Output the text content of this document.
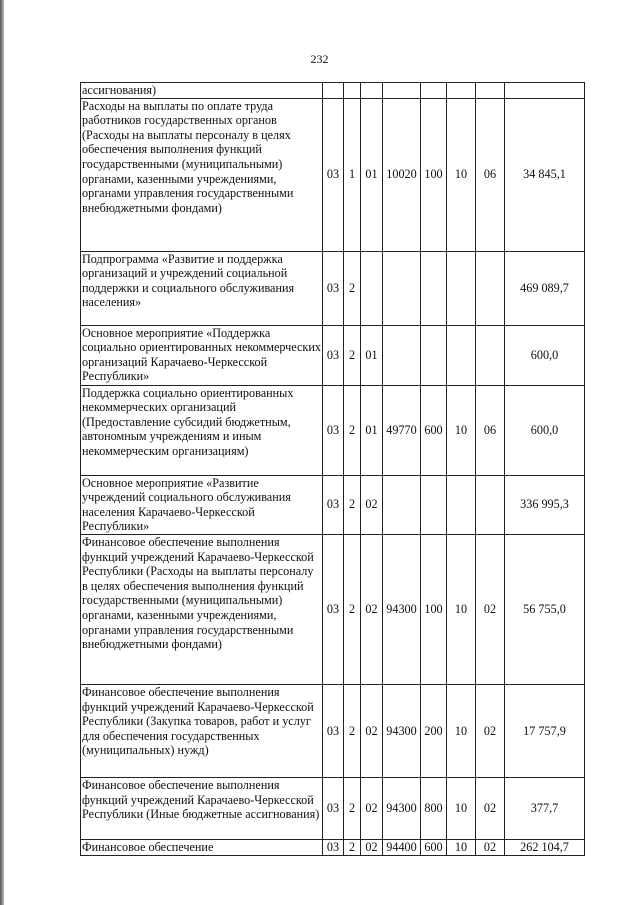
232
ассигнования)								
Расходы на выплаты по оплате труда работников государственных органов (Расходы на выплаты персоналу в целях обеспечения выполнения функций государственными (муниципальными) органами, казенными учреждениями, органами управления государственными внебюджетными фондами)	03	1	01	10020	100	10	06	34 845,1
Подпрограмма «Развитие и поддержка организаций и учреждений социальной поддержки и социального обслуживания населения»	03	2						469 089,7
Основное мероприятие «Поддержка социально ориентированных некоммерческих организаций Карачаево-Черкесской Республики»	03	2	01					600,0
Поддержка социально ориентированных некоммерческих организаций (Предоставление субсидий бюджетным, автономным учреждениям и иным некоммерческим организациям)	03	2	01	49770	600	10	06	600,0
Основное мероприятие «Развитие учреждений социального обслуживания населения Карачаево-Черкесской Республики»	03	2	02					336 995,3
Финансовое обеспечение выполнения функций учреждений Карачаево-Черкесской Республики (Расходы на выплаты персоналу в целях обеспечения выполнения функций государственными (муниципальными) органами, казенными учреждениями, органами управления государственными внебюджетными фондами)	03	2	02	94300	100	10	02	56 755,0
Финансовое обеспечение выполнения функций учреждений Карачаево-Черкесской Республики (Закупка товаров, работ и услуг для обеспечения государственных (муниципальных) нужд)	03	2	02	94300	200	10	02	17 757,9
Финансовое обеспечение выполнения функций учреждений Карачаево-Черкесской Республики (Иные бюджетные ассигнования)	03	2	02	94300	800	10	02	377,7
Финансовое обеспечение	03	2	02	94400	600	10	02	262 104,7
